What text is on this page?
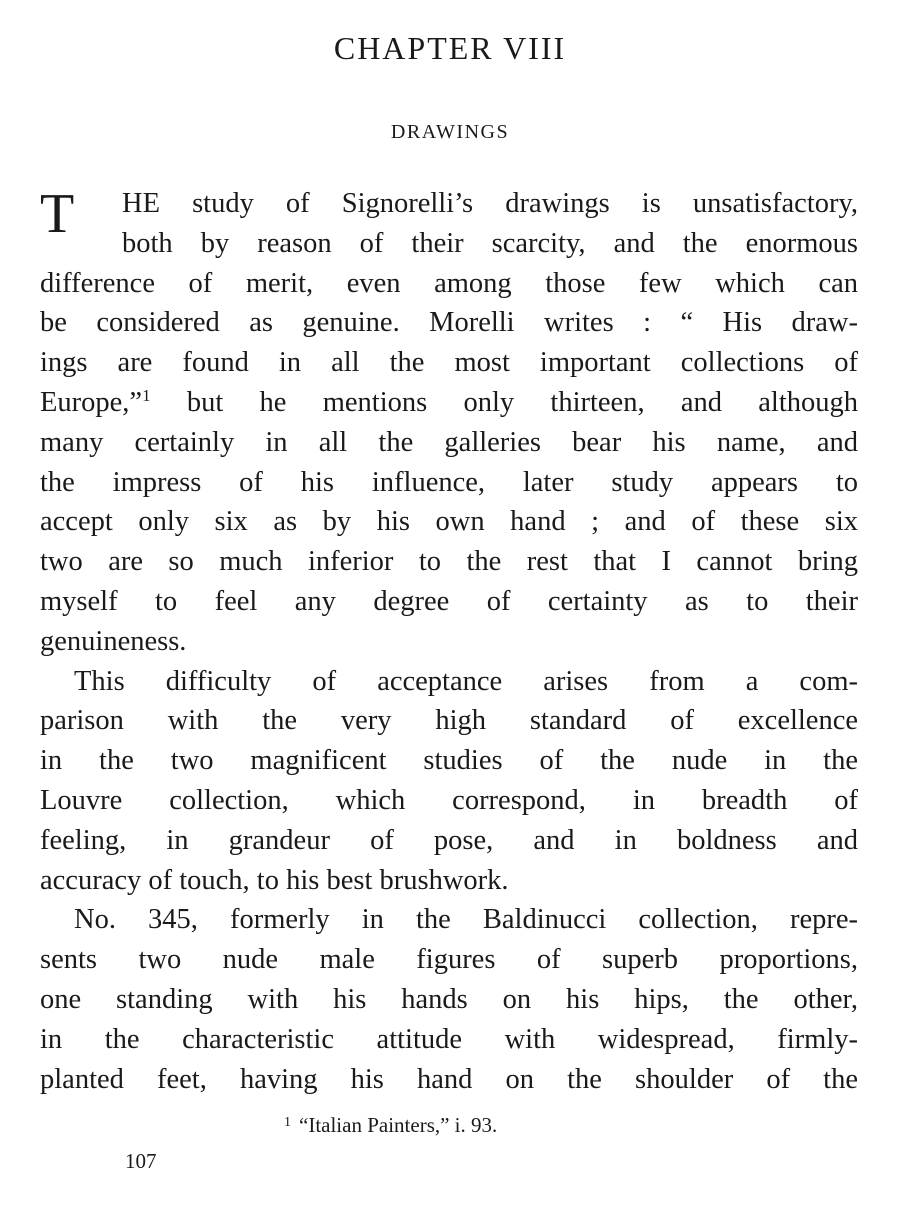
CHAPTER VIII
DRAWINGS
T	HE study of Signorelli’s drawings is unsatisfactory,
both by reason of their scarcity, and the enormous
difference of merit, even among those few which can
be considered as genuine. Morelli writes : “ His draw-
ings are found in all the most important collections of
Europe,”$^1$ but he mentions only thirteen, and although
many certainly in all the galleries bear his name, and
the impress of his influence, later study appears to
accept only six as by his own hand ; and of these six
two are so much inferior to the rest that I cannot bring
myself to feel any degree of certainty as to their
genuineness.
This difficulty of acceptance arises from a com-
parison with the very high standard of excellence
in the two magnificent studies of the nude in the
Louvre collection, which correspond, in breadth of
feeling, in grandeur of pose, and in boldness and
accuracy of touch, to his best brushwork.
No. 345, formerly in the Baldinucci collection, repre-
sents two nude male figures of superb proportions,
one standing with his hands on his hips, the other,
in the characteristic attitude with widespread, firmly-
planted feet, having his hand on the shoulder of the
$^1$ “Italian Painters,” i. 93.
107
